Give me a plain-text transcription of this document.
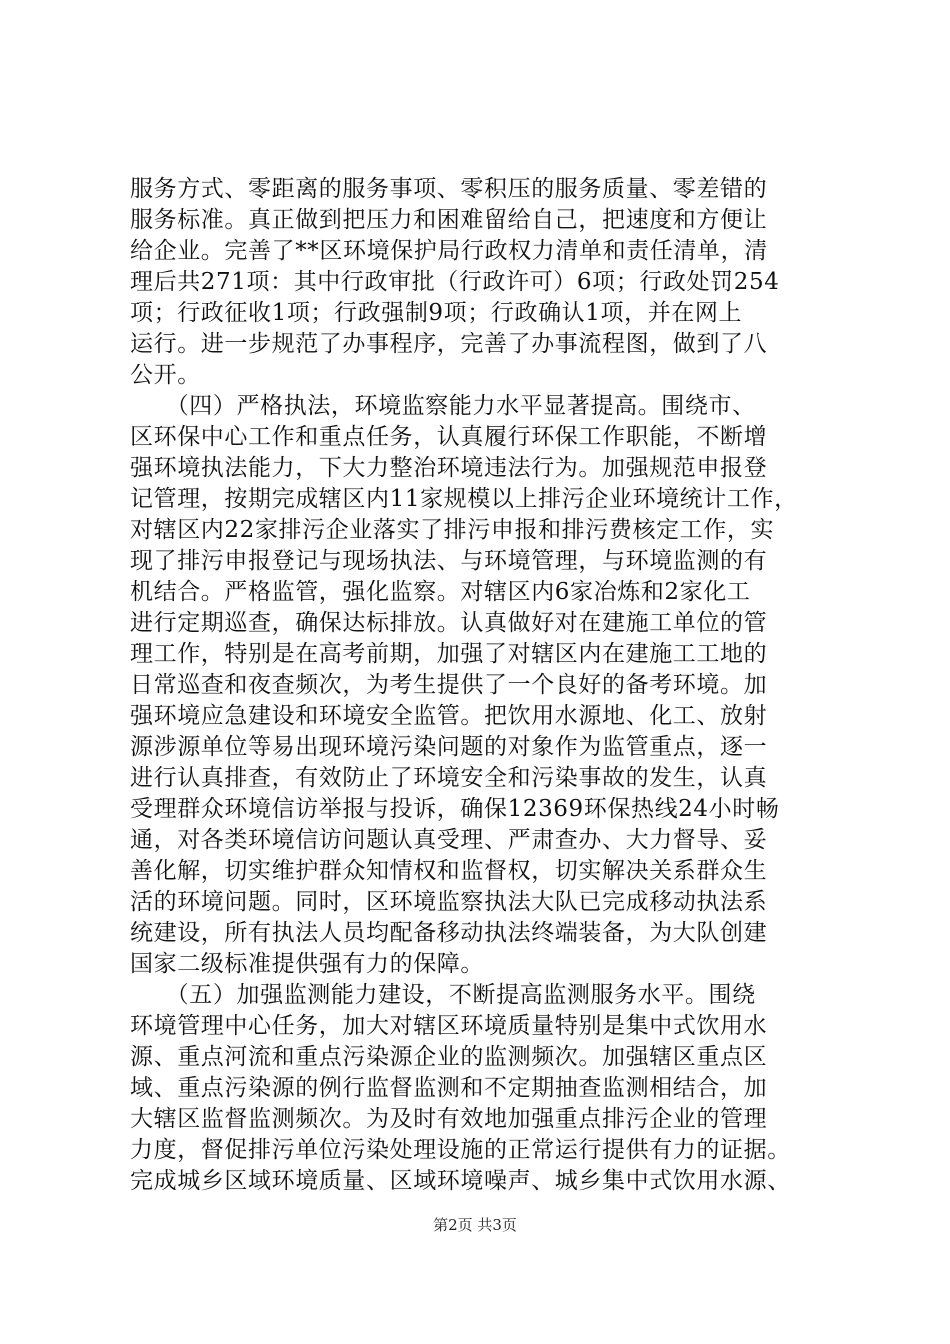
服务方式、零距离的服务事项、零积压的服务质量、零差错的
服务标准。真正做到把压力和困难留给自己，把速度和方便让
给企业。完善了**区环境保护局行政权力清单和责任清单，清
理后共271项：其中行政审批（行政许可）6项；行政处罚254
项；行政征收1项；行政强制9项；行政确认1项，并在网上
运行。进一步规范了办事程序，完善了办事流程图，做到了八
公开。
　　（四）严格执法，环境监察能力水平显著提高。围绕市、
区环保中心工作和重点任务，认真履行环保工作职能，不断增
强环境执法能力，下大力整治环境违法行为。加强规范申报登
记管理，按期完成辖区内11家规模以上排污企业环境统计工作，
对辖区内22家排污企业落实了排污申报和排污费核定工作，实
现了排污申报登记与现场执法、与环境管理，与环境监测的有
机结合。严格监管，强化监察。对辖区内6家冶炼和2家化工
进行定期巡查，确保达标排放。认真做好对在建施工单位的管
理工作，特别是在高考前期，加强了对辖区内在建施工工地的
日常巡查和夜查频次，为考生提供了一个良好的备考环境。加
强环境应急建设和环境安全监管。把饮用水源地、化工、放射
源涉源单位等易出现环境污染问题的对象作为监管重点，逐一
进行认真排查，有效防止了环境安全和污染事故的发生，认真
受理群众环境信访举报与投诉，确保12369环保热线24小时畅
通，对各类环境信访问题认真受理、严肃查办、大力督导、妥
善化解，切实维护群众知情权和监督权，切实解决关系群众生
活的环境问题。同时，区环境监察执法大队已完成移动执法系
统建设，所有执法人员均配备移动执法终端装备，为大队创建
国家二级标准提供强有力的保障。
　　（五）加强监测能力建设，不断提高监测服务水平。围绕
环境管理中心任务，加大对辖区环境质量特别是集中式饮用水
源、重点河流和重点污染源企业的监测频次。加强辖区重点区
域、重点污染源的例行监督监测和不定期抽查监测相结合，加
大辖区监督监测频次。为及时有效地加强重点排污企业的管理
力度，督促排污单位污染处理设施的正常运行提供有力的证据。
完成城乡区域环境质量、区域环境噪声、城乡集中式饮用水源、
第2页 共3页
